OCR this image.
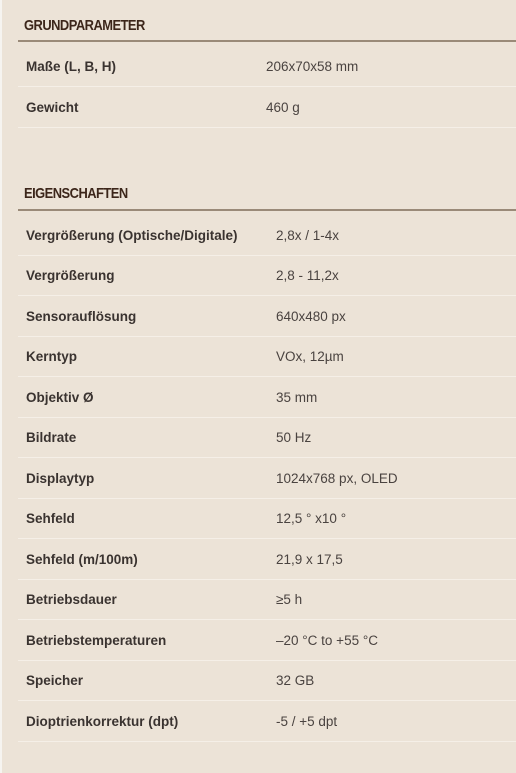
GRUNDPARAMETER
Maße (L, B, H)	206x70x58 mm
Gewicht	460 g
EIGENSCHAFTEN
Vergrößerung (Optische/Digitale)	2,8x / 1-4x
Vergrößerung	2,8 - 11,2x
Sensorauflösung	640x480 px
Kerntyp	VOx, 12µm
Objektiv Ø	35 mm
Bildrate	50 Hz
Displaytyp	1024x768 px, OLED
Sehfeld	12,5 ° x10 °
Sehfeld (m/100m)	21,9 x 17,5
Betriebsdauer	≥5 h
Betriebstemperaturen	–20 °C to +55 °C
Speicher	32 GB
Dioptrienkorrektur (dpt)	-5 / +5 dpt
